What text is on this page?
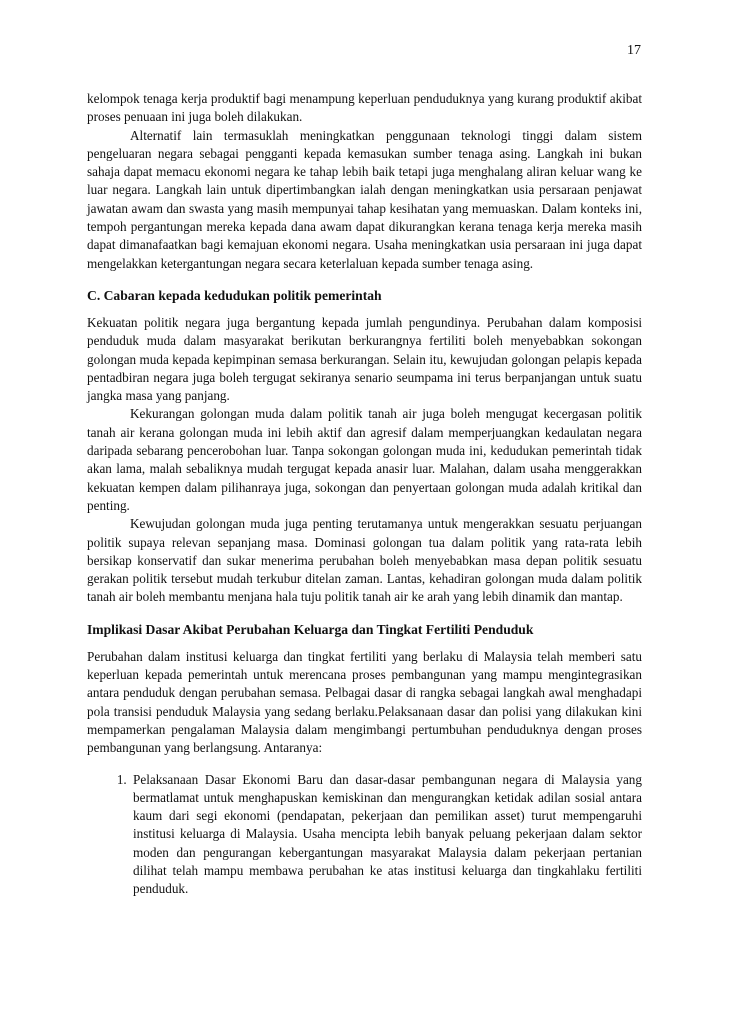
17

kelompok tenaga kerja produktif bagi menampung keperluan penduduknya yang kurang produktif akibat proses penuaan ini juga boleh dilakukan.

Alternatif lain termasuklah meningkatkan penggunaan teknologi tinggi dalam sistem pengeluaran negara sebagai pengganti kepada kemasukan sumber tenaga asing. Langkah ini bukan sahaja dapat memacu ekonomi negara ke tahap lebih baik tetapi juga menghalang aliran keluar wang ke luar negara. Langkah lain untuk dipertimbangkan ialah dengan meningkatkan usia persaraan penjawat jawatan awam dan swasta yang masih mempunyai tahap kesihatan yang memuaskan. Dalam konteks ini, tempoh pergantungan mereka kepada dana awam dapat dikurangkan kerana tenaga kerja mereka masih dapat dimanafaatkan bagi kemajuan ekonomi negara. Usaha meningkatkan usia persaraan ini juga dapat mengelakkan ketergantungan negara secara keterlaluan kepada sumber tenaga asing.

C. Cabaran kepada kedudukan politik pemerintah

Kekuatan politik negara juga bergantung kepada jumlah pengundinya. Perubahan dalam komposisi penduduk muda dalam masyarakat berikutan berkurangnya fertiliti boleh menyebabkan sokongan golongan muda kepada kepimpinan semasa berkurangan. Selain itu, kewujudan golongan pelapis kepada pentadbiran negara juga boleh tergugat sekiranya senario seumpama ini terus berpanjangan untuk suatu jangka masa yang panjang.

Kekurangan golongan muda dalam politik tanah air juga boleh mengugat kecergasan politik tanah air kerana golongan muda ini lebih aktif dan agresif dalam memperjuangkan kedaulatan negara daripada sebarang pencerobohan luar. Tanpa sokongan golongan muda ini, kedudukan pemerintah tidak akan lama, malah sebaliknya mudah tergugat kepada anasir luar. Malahan, dalam usaha menggerakkan kekuatan kempen dalam pilihanraya juga, sokongan dan penyertaan golongan muda adalah kritikal dan penting.

Kewujudan golongan muda juga penting terutamanya untuk mengerakkan sesuatu perjuangan politik supaya relevan sepanjang masa. Dominasi golongan tua dalam politik yang rata-rata lebih bersikap konservatif dan sukar menerima perubahan boleh menyebabkan masa depan politik sesuatu gerakan politik tersebut mudah terkubur ditelan zaman. Lantas, kehadiran golongan muda dalam politik tanah air boleh membantu menjana hala tuju politik tanah air ke arah yang lebih dinamik dan mantap.

Implikasi Dasar Akibat Perubahan Keluarga dan Tingkat Fertiliti Penduduk

Perubahan dalam institusi keluarga dan tingkat fertiliti yang berlaku di Malaysia telah memberi satu keperluan kepada pemerintah untuk merencana proses pembangunan yang mampu mengintegrasikan antara penduduk dengan perubahan semasa. Pelbagai dasar di rangka sebagai langkah awal menghadapi pola transisi penduduk Malaysia yang sedang berlaku.Pelaksanaan dasar dan polisi yang dilakukan kini mempamerkan pengalaman Malaysia dalam mengimbangi pertumbuhan penduduknya dengan proses pembangunan yang berlangsung. Antaranya:

1. Pelaksanaan Dasar Ekonomi Baru dan dasar-dasar pembangunan negara di Malaysia yang bermatlamat untuk menghapuskan kemiskinan dan mengurangkan ketidak adilan sosial antara kaum dari segi ekonomi (pendapatan, pekerjaan dan pemilikan asset) turut mempengaruhi institusi keluarga di Malaysia. Usaha mencipta lebih banyak peluang pekerjaan dalam sektor moden dan pengurangan kebergantungan masyarakat Malaysia dalam pekerjaan pertanian dilihat telah mampu membawa perubahan ke atas institusi keluarga dan tingkahlaku fertiliti penduduk.
